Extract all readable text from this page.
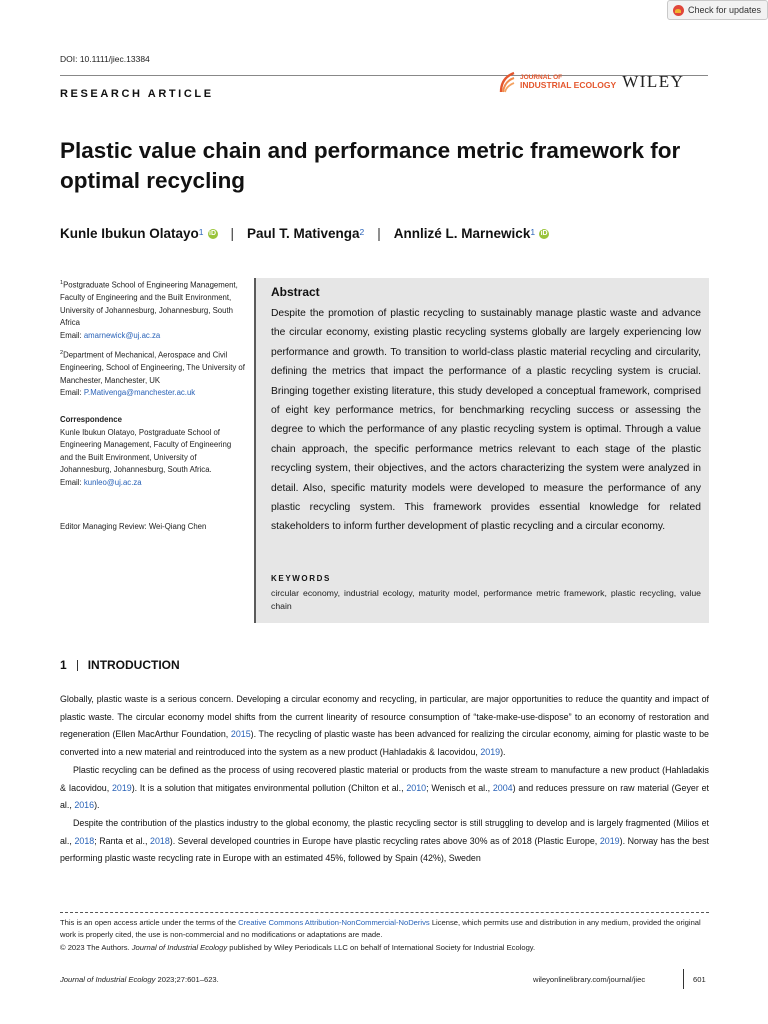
Check for updates
DOI: 10.1111/jiec.13384
RESEARCH ARTICLE
JOURNAL OF
INDUSTRIAL ECOLOGY WILEY
Plastic value chain and performance metric framework for optimal recycling
Kunle Ibukun Olatayo$^1$ iD | Paul T. Mativenga$^2$ | Annlizé L. Marnewick$^1$ iD
$^1$Postgraduate School of Engineering Management, Faculty of Engineering and the Built Environment, University of Johannesburg, Johannesburg, South Africa
Email: amarnewick@uj.ac.za
$^2$Department of Mechanical, Aerospace and Civil Engineering, School of Engineering, The University of Manchester, Manchester, UK
Email: P.Mativenga@manchester.ac.uk
Correspondence
Kunle Ibukun Olatayo, Postgraduate School of Engineering Management, Faculty of Engineering and the Built Environment, University of Johannesburg, Johannesburg, South Africa.
Email: kunleo@uj.ac.za
Editor Managing Review: Wei-Qiang Chen
Abstract
Despite the promotion of plastic recycling to sustainably manage plastic waste and advance the circular economy, existing plastic recycling systems globally are largely experiencing low performance and growth. To transition to world-class plastic material recycling and circularity, defining the metrics that impact the performance of a plastic recycling system is crucial. Bringing together existing literature, this study developed a conceptual framework, comprised of eight key performance metrics, for benchmarking recycling success or assessing the degree to which the performance of any plastic recycling system is optimal. Through a value chain approach, the specific performance metrics relevant to each stage of the plastic recycling system, their objectives, and the actors characterizing the system were analyzed in detail. Also, specific maturity models were developed to measure the performance of any plastic recycling system. This framework provides essential knowledge for related stakeholders to inform further development of plastic recycling and a circular economy.
KEYWORDS
circular economy, industrial ecology, maturity model, performance metric framework, plastic recycling, value chain
1 INTRODUCTION

Globally, plastic waste is a serious concern. Developing a circular economy and recycling, in particular, are major opportunities to reduce the quantity and impact of plastic waste. The circular economy model shifts from the current linearity of resource consumption of “take-make-use-dispose” to an economy of restoration and regeneration (Ellen MacArthur Foundation, 2015). The recycling of plastic waste has been advanced for realizing the circular economy, aiming for plastic waste to be converted into a new material and reintroduced into the system as a new product (Hahladakis & Iacovidou, 2019).

Plastic recycling can be defined as the process of using recovered plastic material or products from the waste stream to manufacture a new product (Hahladakis & Iacovidou, 2019). It is a solution that mitigates environmental pollution (Chilton et al., 2010; Wenisch et al., 2004) and reduces pressure on raw material (Geyer et al., 2016).

Despite the contribution of the plastics industry to the global economy, the plastic recycling sector is still struggling to develop and is largely fragmented (Milios et al., 2018; Ranta et al., 2018). Several developed countries in Europe have plastic recycling rates above 30% as of 2018 (Plastic Europe, 2019). Norway has the best performing plastic waste recycling rate in Europe with an estimated 45%, followed by Spain (42%), Sweden

This is an open access article under the terms of the Creative Commons Attribution-NonCommercial-NoDerivs License, which permits use and distribution in any medium, provided the original work is properly cited, the use is non-commercial and no modifications or adaptations are made.
© 2023 The Authors. Journal of Industrial Ecology published by Wiley Periodicals LLC on behalf of International Society for Industrial Ecology.
Journal of Industrial Ecology 2023;27:601–623.	wileyonlinelibrary.com/journal/jiec	601
